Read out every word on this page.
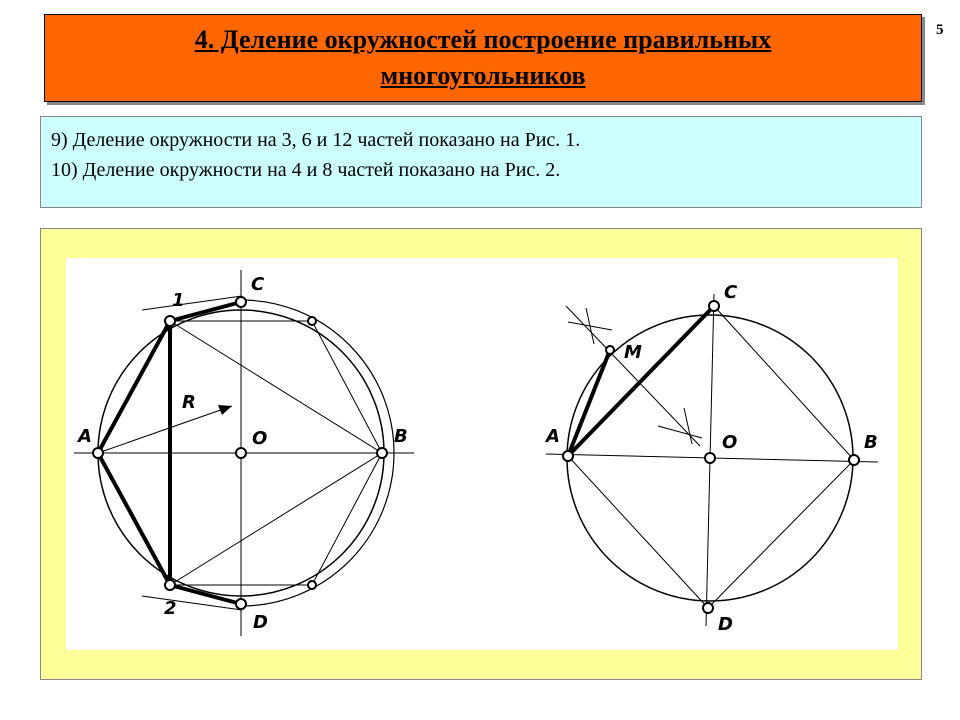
5
4. Деление окружностей построение правильных
многоугольников
9) Деление окружности на 3, 6 и 12 частей показано на Рис. 1.
10) Деление окружности на 4 и 8 частей показано на Рис. 2.
A	B
O
C
D
1
2
R
A	B
C
D
O
M
